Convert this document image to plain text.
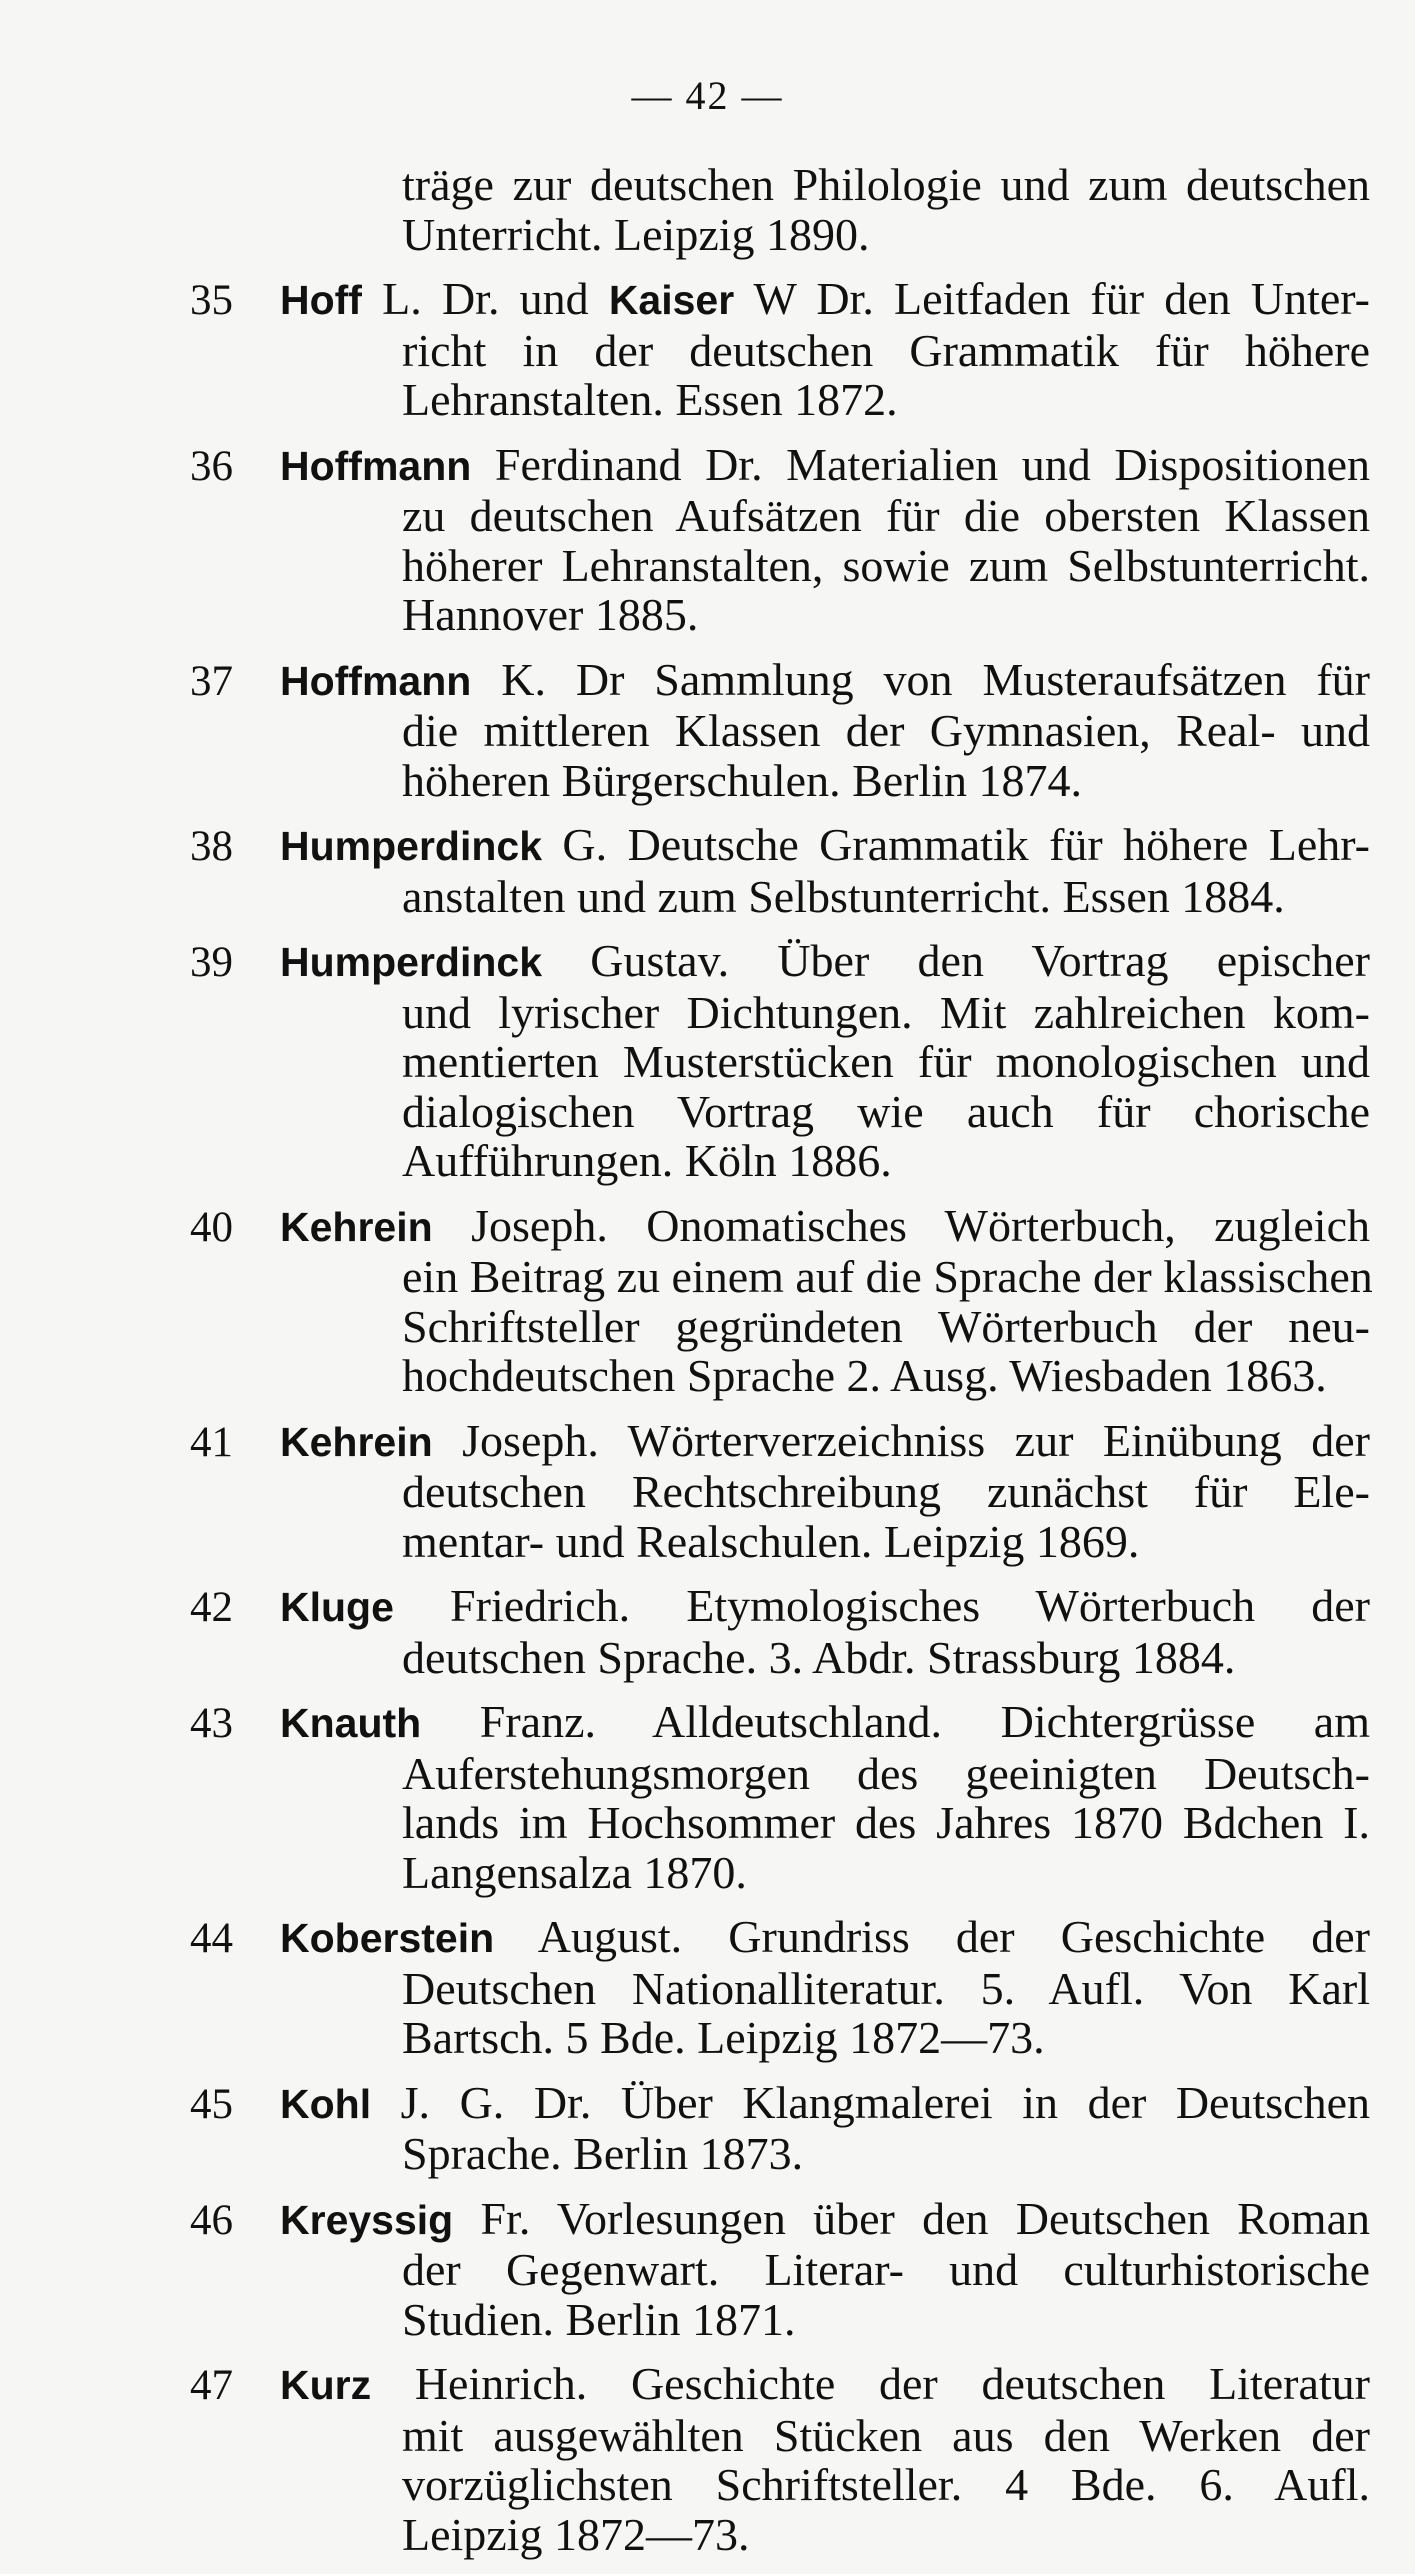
— 42 —
träge zur deutschen Philologie und zum deutschen
Unterricht. Leipzig 1890.
35	Hoff L. Dr. und Kaiser W Dr. Leitfaden für den Unter-
richt in der deutschen Grammatik für höhere
Lehranstalten. Essen 1872.
36	Hoffmann Ferdinand Dr. Materialien und Dispositionen
zu deutschen Aufsätzen für die obersten Klassen
höherer Lehranstalten, sowie zum Selbstunterricht.
Hannover 1885.
37	Hoffmann K. Dr Sammlung von Musteraufsätzen für
die mittleren Klassen der Gymnasien, Real- und
höheren Bürgerschulen. Berlin 1874.
38	Humperdinck G. Deutsche Grammatik für höhere Lehr-
anstalten und zum Selbstunterricht. Essen 1884.
39	Humperdinck Gustav. Über den Vortrag epischer
und lyrischer Dichtungen. Mit zahlreichen kom-
mentierten Musterstücken für monologischen und
dialogischen Vortrag wie auch für chorische
Aufführungen. Köln 1886.
40	Kehrein Joseph. Onomatisches Wörterbuch, zugleich
ein Beitrag zu einem auf die Sprache der klassischen
Schriftsteller gegründeten Wörterbuch der neu-
hochdeutschen Sprache 2. Ausg. Wiesbaden 1863.
41	Kehrein Joseph. Wörterverzeichniss zur Einübung der
deutschen Rechtschreibung zunächst für Ele-
mentar- und Realschulen. Leipzig 1869.
42	Kluge Friedrich. Etymologisches Wörterbuch der
deutschen Sprache. 3. Abdr. Strassburg 1884.
43	Knauth Franz. Alldeutschland. Dichtergrüsse am
Auferstehungsmorgen des geeinigten Deutsch-
lands im Hochsommer des Jahres 1870 Bdchen I.
Langensalza 1870.
44	Koberstein August. Grundriss der Geschichte der
Deutschen Nationalliteratur. 5. Aufl. Von Karl
Bartsch. 5 Bde. Leipzig 1872—73.
45	Kohl J. G. Dr. Über Klangmalerei in der Deutschen
Sprache. Berlin 1873.
46	Kreyssig Fr. Vorlesungen über den Deutschen Roman
der Gegenwart. Literar- und culturhistorische
Studien. Berlin 1871.
47	Kurz Heinrich. Geschichte der deutschen Literatur
mit ausgewählten Stücken aus den Werken der
vorzüglichsten Schriftsteller. 4 Bde. 6. Aufl.
Leipzig 1872—73.
